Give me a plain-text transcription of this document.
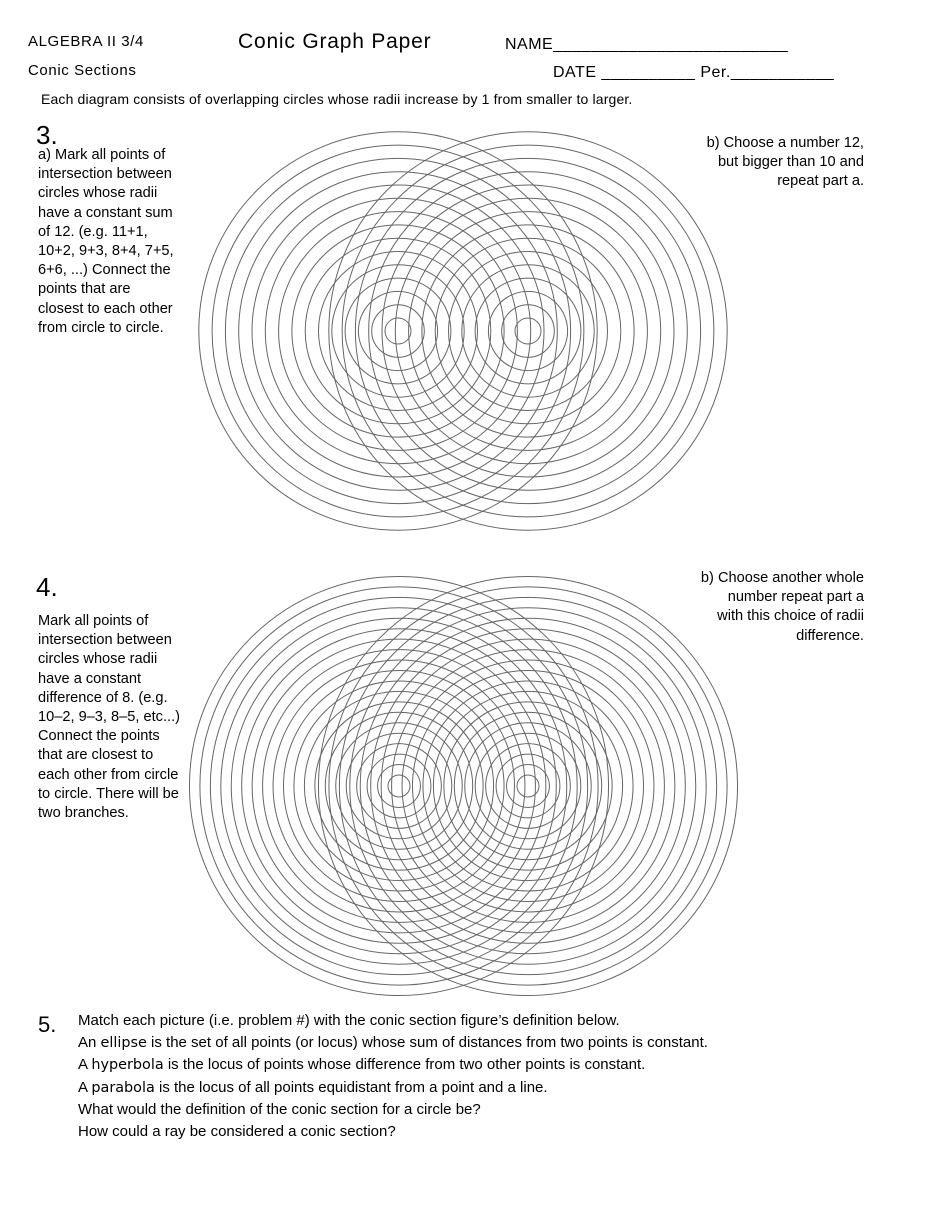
ALGEBRA II 3/4
Conic Sections
Conic Graph Paper	NAME_________________________
DATE __________ Per.___________
Each diagram consists of overlapping circles whose radii increase by 1 from smaller to larger.
3.
a) Mark all points of intersection between circles whose radii have a constant sum of 12. (e.g. 11+1, 10+2, 9+3, 8+4, 7+5, 6+6, ...) Connect the points that are closest to each other from circle to circle.
b) Choose a number 12, but bigger than 10 and repeat part a.
4.
Mark all points of intersection between circles whose radii have a constant difference of 8. (e.g. 10–2, 9–3, 8–5, etc...) Connect the points that are closest to each other from circle to circle. There will be two branches.
b) Choose another whole number repeat part a with this choice of radii difference.
5. Match each picture (i.e. problem #) with the conic section figure’s definition below.
An ellipse is the set of all points (or locus) whose sum of distances from two points is constant.
A hyperbola is the locus of points whose difference from two other points is constant.
A parabola is the locus of all points equidistant from a point and a line.
What would the definition of the conic section for a circle be?
How could a ray be considered a conic section?
